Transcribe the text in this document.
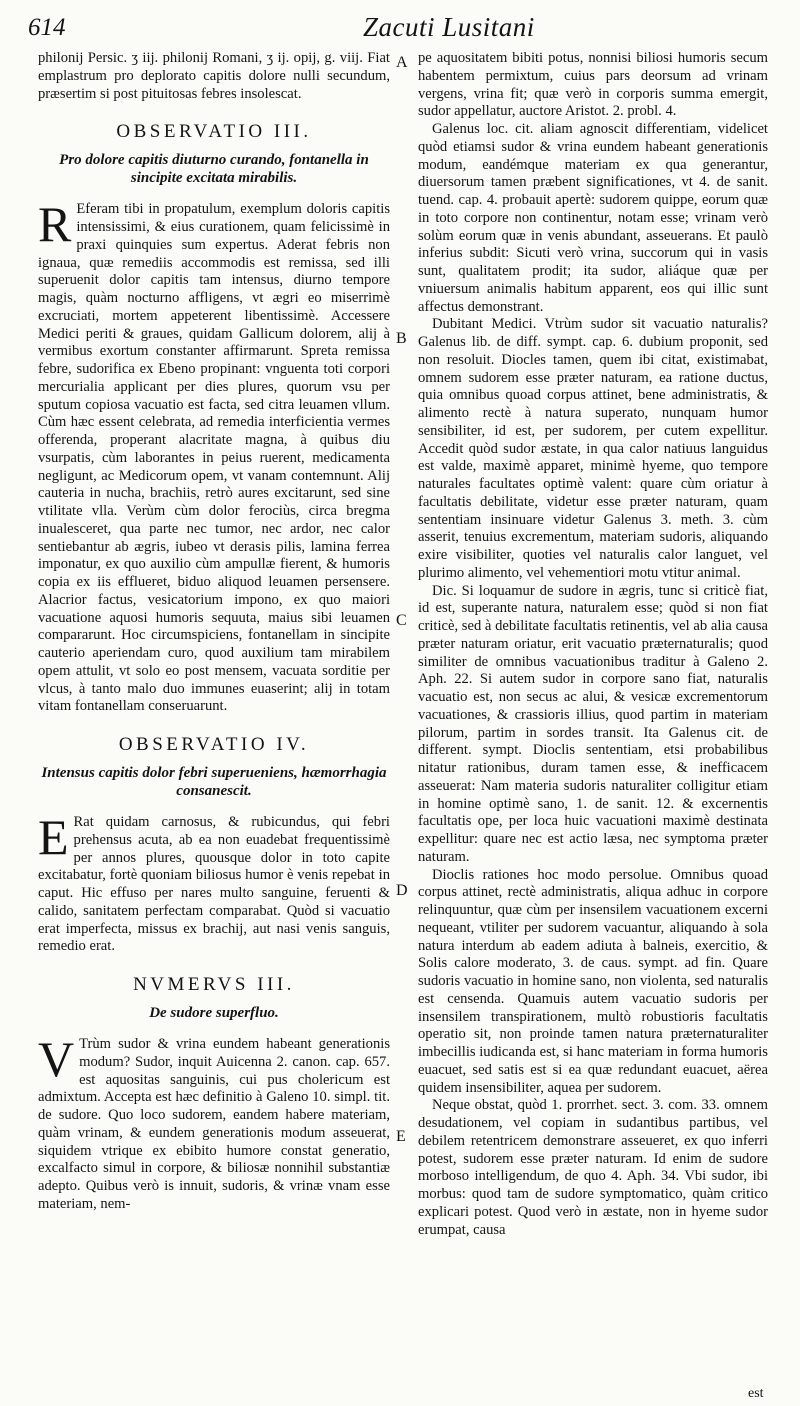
614	Zacuti Lusitani

philonij Persic. ʒ iij. philonij Romani, ʒ ij. opij, g. viij. Fiat emplastrum pro deplorato capitis dolore nulli secundum, præsertim si post pituitosas febres insolescat.

OBSERVATIO III.
Pro dolore capitis diuturno curando, fontanella in sincipite excitata mirabilis.

R Eferam tibi in propatulum, exemplum doloris capitis intensissimi, & eius curationem, quam felicissimè in praxi quinquies sum expertus. Aderat febris non ignaua, quæ remediis accommodis est remissa, sed illi superuenit dolor capitis tam intensus, diurno tempore magis, quàm nocturno affligens, vt ægri eo miserrimè excruciati, mortem appeterent libentissimè. Accessere Medici periti & graues, quidam Gallicum dolorem, alij à vermibus exortum constanter affirmarunt. Spreta remissa febre, sudorifica ex Ebeno propinant: vnguenta toti corpori mercurialia applicant per dies plures, quorum vsu per sputum copiosa vacuatio est facta, sed citra leuamen vllum. Cùm hæc essent celebrata, ad remedia interficientia vermes offerenda, properant alacritate magna, à quibus diu vsurpatis, cùm laborantes in peius ruerent, medicamenta negligunt, ac Medicorum opem, vt vanam contemnunt. Alij cauteria in nucha, brachiis, retrò aures excitarunt, sed sine vtilitate vlla. Verùm cùm dolor ferociùs, circa bregma inualesceret, qua parte nec tumor, nec ardor, nec calor sentiebantur ab ægris, iubeo vt derasis pilis, lamina ferrea imponatur, ex quo auxilio cùm ampullæ fierent, & humoris copia ex iis efflueret, biduo aliquod leuamen persensere. Alacrior factus, vesicatorium impono, ex quo maiori vacuatione aquosi humoris sequuta, maius sibi leuamen compararunt. Hoc circumspiciens, fontanellam in sincipite cauterio aperiendam curo, quod auxilium tam mirabilem opem attulit, vt solo eo post mensem, vacuata sorditie per vlcus, à tanto malo duo immunes euaserint; alij in totam vitam fontanellam conseruarunt.

OBSERVATIO IV.
Intensus capitis dolor febri superueniens, hæmorrhagia consanescit.

E Rat quidam carnosus, & rubicundus, qui febri prehensus acuta, ab ea non euadebat frequentissimè per annos plures, quousque dolor in toto capite excitabatur, fortè quoniam biliosus humor è venis repebat in caput. Hic effuso per nares multo sanguine, feruenti & calido, sanitatem perfectam comparabat. Quòd si vacuatio erat imperfecta, missus ex brachij, aut nasi venis sanguis, remedio erat.

NVMERVS III.
De sudore superfluo.

V Trùm sudor & vrina eundem habeant generationis modum? Sudor, inquit Auicenna 2. canon. cap. 657. est aquositas sanguinis, cui pus cholericum est admixtum. Accepta est hæc definitio à Galeno 10. simpl. tit. de sudore. Quo loco sudorem, eandem habere materiam, quàm vrinam, & eundem generationis modum asseuerat, siquidem vtrique ex ebibito humore constat generatio, excalfacto simul in corpore, & biliosæ nonnihil substantiæ adepto. Quibus verò is innuit, sudoris, & vrinæ vnam esse materiam, nem-

A
B
C
D
E

pe aquositatem bibiti potus, nonnisi biliosi humoris secum habentem permixtum, cuius pars deorsum ad vrinam vergens, vrina fit; quæ verò in corporis summa emergit, sudor appellatur, auctore Aristot. 2. probl. 4.

Galenus loc. cit. aliam agnoscit differentiam, videlicet quòd etiamsi sudor & vrina eundem habeant generationis modum, eandémque materiam ex qua generantur, diuersorum tamen præbent significationes, vt 4. de sanit. tuend. cap. 4. probauit apertè: sudorem quippe, eorum quæ in toto corpore non continentur, notam esse; vrinam verò solùm eorum quæ in venis abundant, asseuerans. Et paulò inferius subdit: Sicuti verò vrina, succorum qui in vasis sunt, qualitatem prodit; ita sudor, aliáque quæ per vniuersum animalis habitum apparent, eos qui illic sunt affectus demonstrant.

Dubitant Medici. Vtrùm sudor sit vacuatio naturalis? Galenus lib. de diff. sympt. cap. 6. dubium proponit, sed non resoluit. Diocles tamen, quem ibi citat, existimabat, omnem sudorem esse præter naturam, ea ratione ductus, quia omnibus quoad corpus attinet, bene administratis, & alimento rectè à natura superato, nunquam humor sensibiliter, id est, per sudorem, per cutem expellitur. Accedit quòd sudor æstate, in qua calor natiuus languidus est valde, maximè apparet, minimè hyeme, quo tempore naturales facultates optimè valent: quare cùm oriatur à facultatis debilitate, videtur esse præter naturam, quam sententiam insinuare videtur Galenus 3. meth. 3. cùm asserit, tenuius excrementum, materiam sudoris, aliquando exire visibiliter, quoties vel naturalis calor languet, vel plurimo alimento, vel vehementiori motu vtitur animal.

Dic. Si loquamur de sudore in ægris, tunc si criticè fiat, id est, superante natura, naturalem esse; quòd si non fiat criticè, sed à debilitate facultatis retinentis, vel ab alia causa præter naturam oriatur, erit vacuatio præternaturalis; quod similiter de omnibus vacuationibus traditur à Galeno 2. Aph. 22. Si autem sudor in corpore sano fiat, naturalis vacuatio est, non secus ac alui, & vesicæ excrementorum vacuationes, & crassioris illius, quod partim in materiam pilorum, partim in sordes transit. Ita Galenus cit. de different. sympt. Dioclis sententiam, etsi probabilibus nitatur rationibus, duram tamen esse, & inefficacem asseuerat: Nam materia sudoris naturaliter colligitur etiam in homine optimè sano, 1. de sanit. 12. & excernentis facultatis ope, per loca huic vacuationi maximè destinata expellitur: quare nec est actio læsa, nec symptoma præter naturam.

Dioclis rationes hoc modo persolue. Omnibus quoad corpus attinet, rectè administratis, aliqua adhuc in corpore relinquuntur, quæ cùm per insensilem vacuationem excerni nequeant, vtiliter per sudorem vacuantur, aliquando à sola natura interdum ab eadem adiuta à balneis, exercitio, & Solis calore moderato, 3. de caus. sympt. ad fin. Quare sudoris vacuatio in homine sano, non violenta, sed naturalis est censenda. Quamuis autem vacuatio sudoris per insensilem transpirationem, multò robustioris facultatis operatio sit, non proinde tamen natura præternaturaliter imbecillis iudicanda est, si hanc materiam in forma humoris euacuet, sed satis est si ea quæ redundant euacuet, aërea quidem insensibiliter, aquea per sudorem.

Neque obstat, quòd 1. prorrhet. sect. 3. com. 33. omnem desudationem, vel copiam in sudantibus partibus, vel debilem retentricem demonstrare asseueret, ex quo inferri potest, sudorem esse præter naturam. Id enim de sudore morboso intelligendum, de quo 4. Aph. 34. Vbi sudor, ibi morbus: quod tam de sudore symptomatico, quàm critico explicari potest. Quod verò in æstate, non in hyeme sudor erumpat, causa

est
